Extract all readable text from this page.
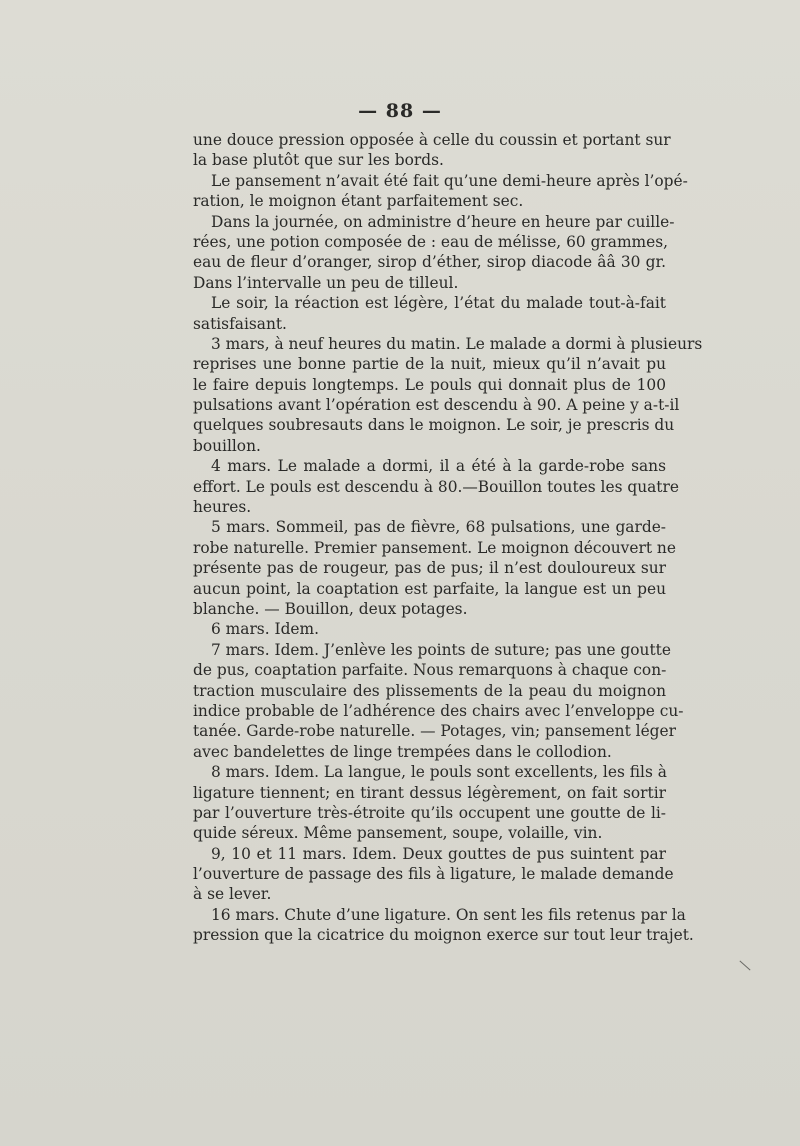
— 88 —
une douce pression opposée à celle du coussin et portant sur
la base plutôt que sur les bords.
Le pansement n’avait été fait qu’une demi-heure après l’opé-
ration, le moignon étant parfaitement sec.
Dans la journée, on administre d’heure en heure par cuille-
rées, une potion composée de : eau de mélisse, 60 grammes,
eau de fleur d’oranger, sirop d’éther, sirop diacode ââ 30 gr.
Dans l’intervalle un peu de tilleul.
Le soir, la réaction est légère, l’état du malade tout-à-fait
satisfaisant.
3 mars, à neuf heures du matin. Le malade a dormi à plusieurs
reprises une bonne partie de la nuit, mieux qu’il n’avait pu
le faire depuis longtemps. Le pouls qui donnait plus de 100
pulsations avant l’opération est descendu à 90. A peine y a-t-il
quelques soubresauts dans le moignon. Le soir, je prescris du
bouillon.
4 mars. Le malade a dormi, il a été à la garde-robe sans
effort. Le pouls est descendu à 80.—Bouillon toutes les quatre
heures.
5 mars. Sommeil, pas de fièvre, 68 pulsations, une garde-
robe naturelle. Premier pansement. Le moignon découvert ne
présente pas de rougeur, pas de pus; il n’est douloureux sur
aucun point, la coaptation est parfaite, la langue est un peu
blanche. — Bouillon, deux potages.
6 mars. Idem.
7 mars. Idem. J’enlève les points de suture; pas une goutte
de pus, coaptation parfaite. Nous remarquons à chaque con-
traction musculaire des plissements de la peau du moignon
indice probable de l’adhérence des chairs avec l’enveloppe cu-
tanée. Garde-robe naturelle. — Potages, vin; pansement léger
avec bandelettes de linge trempées dans le collodion.
8 mars. Idem. La langue, le pouls sont excellents, les fils à
ligature tiennent; en tirant dessus légèrement, on fait sortir
par l’ouverture très-étroite qu’ils occupent une goutte de li-
quide séreux. Même pansement, soupe, volaille, vin.
9, 10 et 11 mars. Idem. Deux gouttes de pus suintent par
l’ouverture de passage des fils à ligature, le malade demande
à se lever.
16 mars. Chute d’une ligature. On sent les fils retenus par la
pression que la cicatrice du moignon exerce sur tout leur trajet.
